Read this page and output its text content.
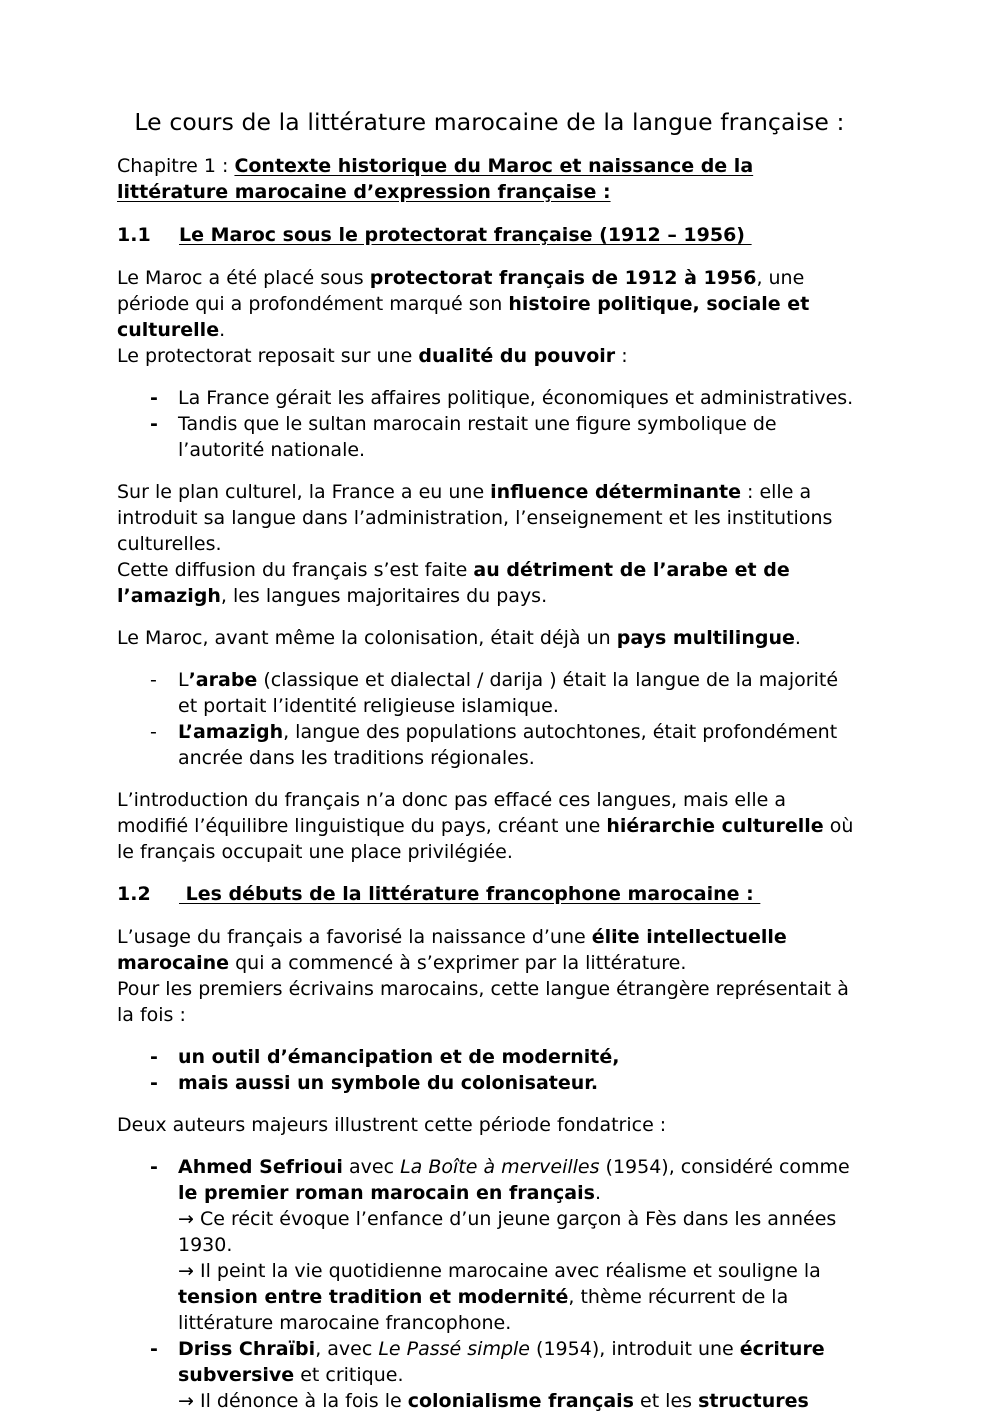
Le cours de la littérature marocaine de la langue française :

Chapitre 1 : Contexte historique du Maroc et naissance de la littérature marocaine d’expression française :

1.1 Le Maroc sous le protectorat française (1912 – 1956)

Le Maroc a été placé sous protectorat français de 1912 à 1956, une période qui a profondément marqué son histoire politique, sociale et culturelle.
Le protectorat reposait sur une dualité du pouvoir :

- La France gérait les affaires politique, économiques et administratives.
- Tandis que le sultan marocain restait une figure symbolique de l’autorité nationale.

Sur le plan culturel, la France a eu une influence déterminante : elle a introduit sa langue dans l’administration, l’enseignement et les institutions culturelles.
Cette diffusion du français s’est faite au détriment de l’arabe et de l’amazigh, les langues majoritaires du pays.

Le Maroc, avant même la colonisation, était déjà un pays multilingue.

- L’arabe (classique et dialectal / darija ) était la langue de la majorité et portait l’identité religieuse islamique.
- L’amazigh, langue des populations autochtones, était profondément ancrée dans les traditions régionales.

L’introduction du français n’a donc pas effacé ces langues, mais elle a modifié l’équilibre linguistique du pays, créant une hiérarchie culturelle où le français occupait une place privilégiée.

1.2 Les débuts de la littérature francophone marocaine :

L’usage du français a favorisé la naissance d’une élite intellectuelle marocaine qui a commencé à s’exprimer par la littérature.
Pour les premiers écrivains marocains, cette langue étrangère représentait à la fois :

- un outil d’émancipation et de modernité,
- mais aussi un symbole du colonisateur.

Deux auteurs majeurs illustrent cette période fondatrice :

- Ahmed Sefrioui avec La Boîte à merveilles (1954), considéré comme le premier roman marocain en français.

→ Ce récit évoque l’enfance d’un jeune garçon à Fès dans les années 1930.
→ Il peint la vie quotidienne marocaine avec réalisme et souligne la tension entre tradition et modernité, thème récurrent de la littérature marocaine francophone.
- Driss Chraïbi, avec Le Passé simple (1954), introduit une écriture subversive et critique.
→ Il dénonce à la fois le colonialisme français et les structures
